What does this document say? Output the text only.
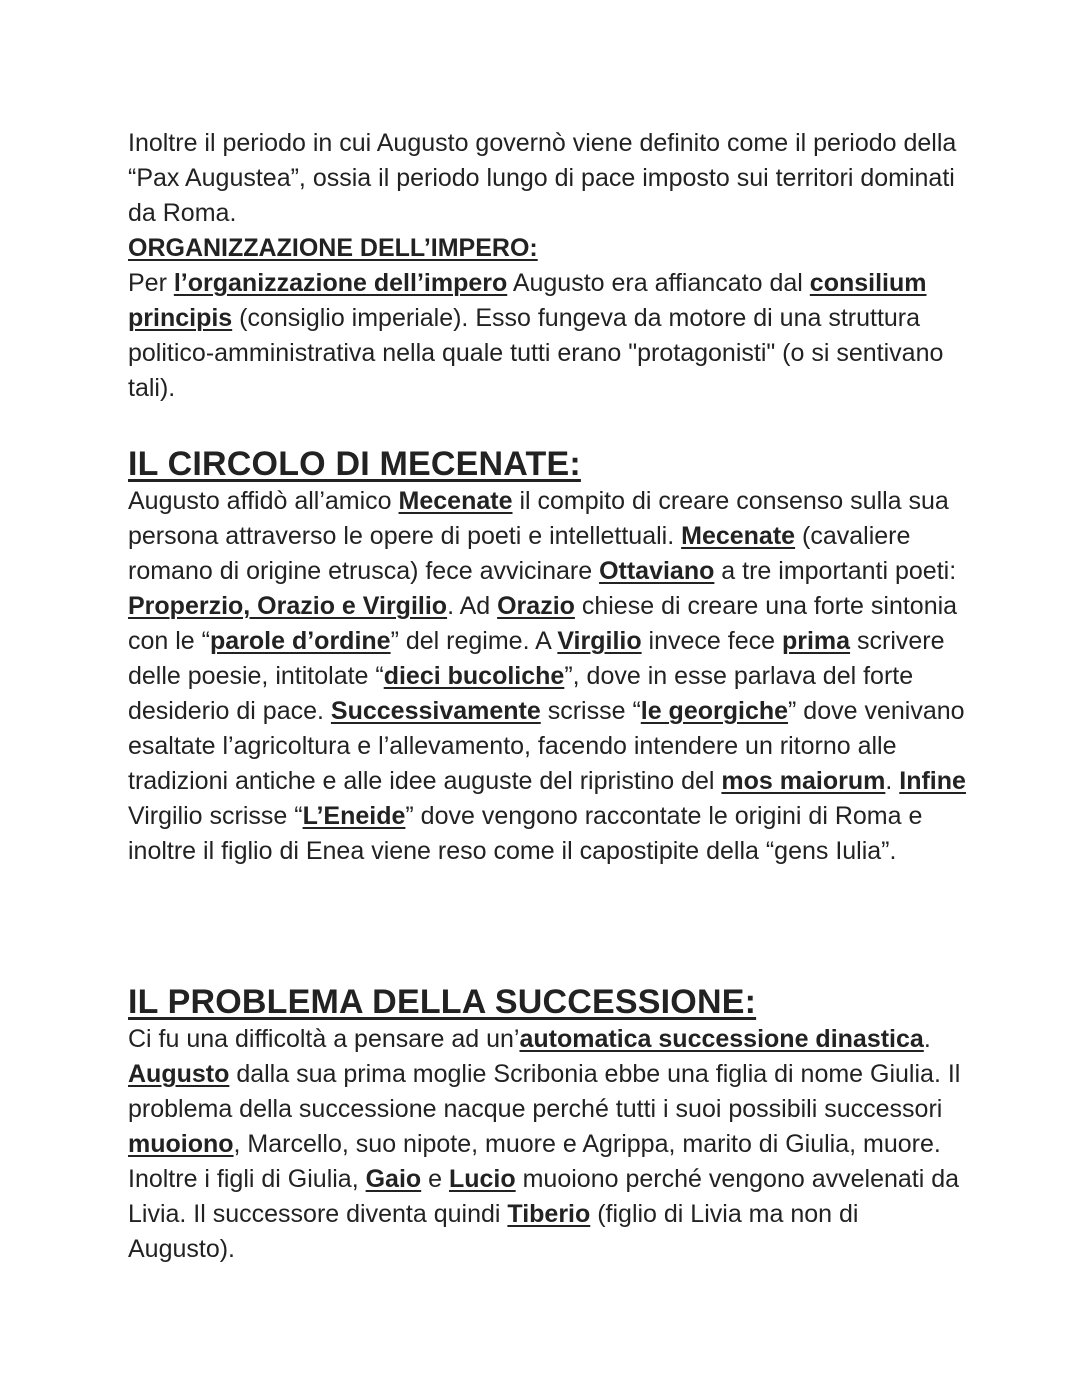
Inoltre il periodo in cui Augusto governò viene definito come il periodo della “Pax Augustea”, ossia il periodo lungo di pace imposto sui territori dominati da Roma.

ORGANIZZAZIONE DELL’IMPERO:

Per l’organizzazione dell’impero Augusto era affiancato dal consilium principis (consiglio imperiale). Esso fungeva da motore di una struttura politico-amministrativa nella quale tutti erano "protagonisti" (o si sentivano tali).

IL CIRCOLO DI MECENATE:

Augusto affidò all’amico Mecenate il compito di creare consenso sulla sua persona attraverso le opere di poeti e intellettuali. Mecenate (cavaliere romano di origine etrusca) fece avvicinare Ottaviano a tre importanti poeti: Properzio, Orazio e Virgilio. Ad Orazio chiese di creare una forte sintonia con le “parole d’ordine” del regime. A Virgilio invece fece prima scrivere delle poesie, intitolate “dieci bucoliche”, dove in esse parlava del forte desiderio di pace. Successivamente scrisse “le georgiche” dove venivano esaltate l’agricoltura e l’allevamento, facendo intendere un ritorno alle tradizioni antiche e alle idee auguste del ripristino del mos maiorum. Infine Virgilio scrisse “L’Eneide” dove vengono raccontate le origini di Roma e inoltre il figlio di Enea viene reso come il capostipite della “gens Iulia”.

IL PROBLEMA DELLA SUCCESSIONE:

Ci fu una difficoltà a pensare ad un’automatica successione dinastica. Augusto dalla sua prima moglie Scribonia ebbe una figlia di nome Giulia. Il problema della successione nacque perché tutti i suoi possibili successori muoiono, Marcello, suo nipote, muore e Agrippa, marito di Giulia, muore. Inoltre i figli di Giulia, Gaio e Lucio muoiono perché vengono avvelenati da Livia. Il successore diventa quindi Tiberio (figlio di Livia ma non di Augusto).
